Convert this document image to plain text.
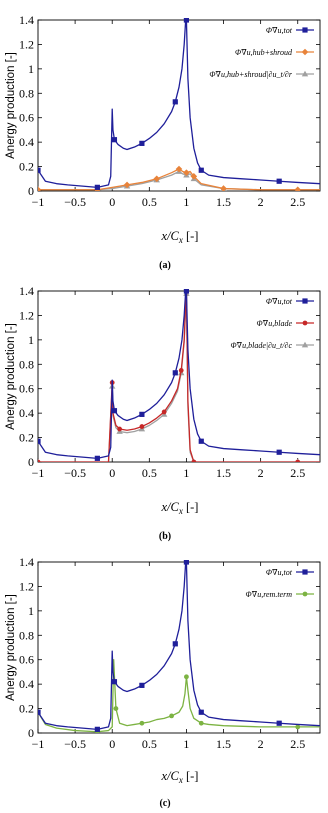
0
0.2
0.4
0.6
0.8
1
1.2
1.4
−1 −0.5 0 0.5 1 1.5 2 2.5
Anergy production [-]
$x/C_x$ [-]
(a)
Φ̇∇u,tot
Φ̇∇u,hub+shroud
Φ̇∇u,hub+shroud|∂u_t/∂r
0
0.2
0.4
0.6
0.8
1
1.2
1.4
−1 −0.5 0 0.5 1 1.5 2 2.5
Anergy production [-]
$x/C_x$ [-]
(b)
Φ̇∇u,tot
Φ̇∇u,blade
Φ̇∇u,blade|∂u_t/∂c
0
0.2
0.4
0.6
0.8
1
1.2
1.4
−1 −0.5 0 0.5 1 1.5 2 2.5
Anergy production [-]
$x/C_x$ [-]
(c)
Φ̇∇u,tot
Φ̇∇u,rem.term
